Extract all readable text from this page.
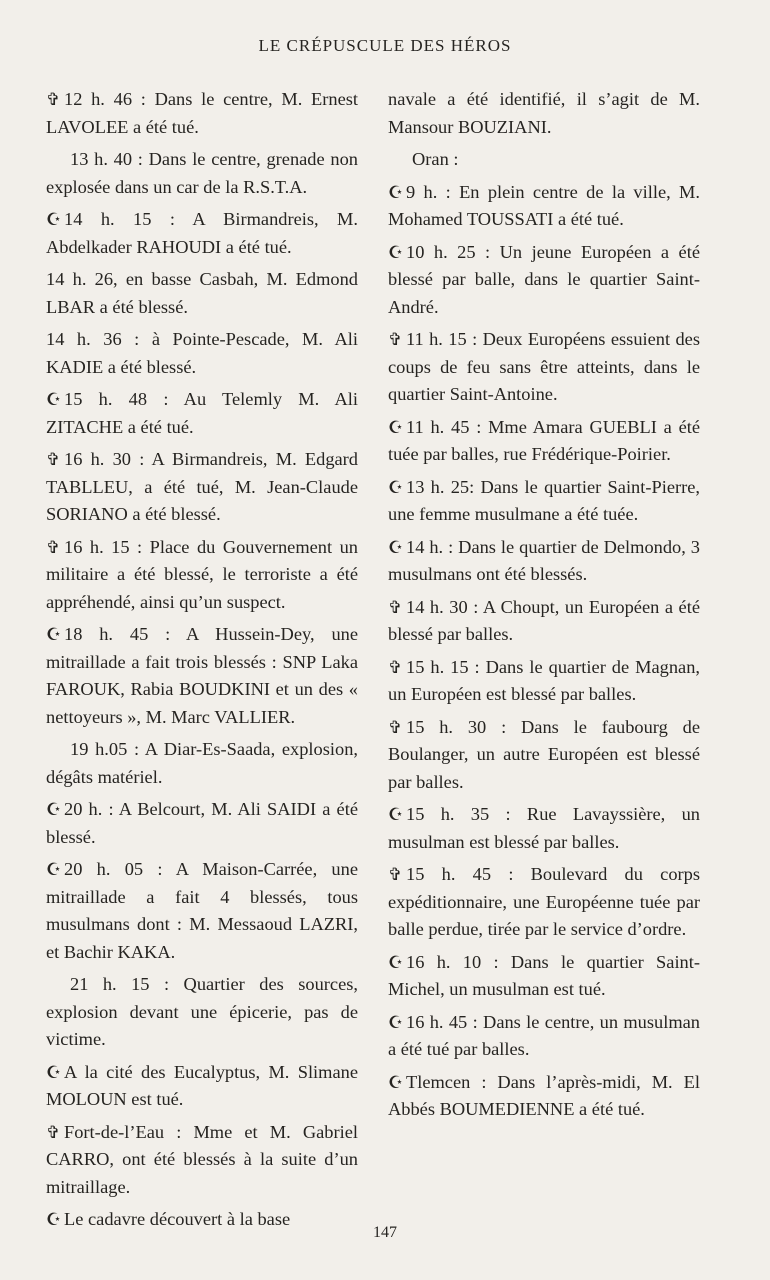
LE CRÉPUSCULE DES HÉROS

✞ 12 h. 46 : Dans le centre, M. Ernest LAVOLEE a été tué.

13 h. 40 : Dans le centre, grenade non explosée dans un car de la R.S.T.A.

☪ 14 h. 15 : A Birmandreis, M. Abdelkader RAHOUDI a été tué.

14 h. 26, en basse Casbah, M. Edmond LBAR a été blessé.

14 h. 36 : à Pointe-Pescade, M. Ali KADIE a été blessé.

☪ 15 h. 48 : Au Telemly M. Ali ZITACHE a été tué.

✞ 16 h. 30 : A Birmandreis, M. Edgard TABLLEU, a été tué, M. Jean-Claude SORIANO a été blessé.

✞ 16 h. 15 : Place du Gouvernement un militaire a été blessé, le terroriste a été appréhendé, ainsi qu’un suspect.

☪ 18 h. 45 : A Hussein-Dey, une mitraillade a fait trois blessés : SNP Laka FAROUK, Rabia BOUDKINI et un des « nettoyeurs », M. Marc VALLIER.

19 h.05 : A Diar-Es-Saada, explosion, dégâts matériel.

☪ 20 h. : A Belcourt, M. Ali SAIDI a été blessé.

☪ 20 h. 05 : A Maison-Carrée, une mitraillade a fait 4 blessés, tous musulmans dont : M. Messaoud LAZRI, et Bachir KAKA.

21 h. 15 : Quartier des sources, explosion devant une épicerie, pas de victime.

☪ A la cité des Eucalyptus, M. Slimane MOLOUN est tué.

✞ Fort-de-l’Eau : Mme et M. Gabriel CARRO, ont été blessés à la suite d’un mitraillage.

☪ Le cadavre découvert à la base

navale a été identifié, il s’agit de M. Mansour BOUZIANI.

Oran :

☪ 9 h. : En plein centre de la ville, M. Mohamed TOUSSATI a été tué.

☪ 10 h. 25 : Un jeune Européen a été blessé par balle, dans le quartier Saint-André.

✞ 11 h. 15 : Deux Européens essuient des coups de feu sans être atteints, dans le quartier Saint-Antoine.

☪ 11 h. 45 : Mme Amara GUEBLI a été tuée par balles, rue Frédérique-Poirier.

☪ 13 h. 25: Dans le quartier Saint-Pierre, une femme musulmane a été tuée.

☪ 14 h. : Dans le quartier de Delmondo, 3 musulmans ont été blessés.

✞ 14 h. 30 : A Choupt, un Européen a été blessé par balles.

✞ 15 h. 15 : Dans le quartier de Magnan, un Européen est blessé par balles.

✞ 15 h. 30 : Dans le faubourg de Boulanger, un autre Européen est blessé par balles.

☪ 15 h. 35 : Rue Lavayssière, un musulman est blessé par balles.

✞ 15 h. 45 : Boulevard du corps expéditionnaire, une Européenne tuée par balle perdue, tirée par le service d’ordre.

☪ 16 h. 10 : Dans le quartier Saint-Michel, un musulman est tué.

☪ 16 h. 45 : Dans le centre, un musulman a été tué par balles.

☪ Tlemcen : Dans l’après-midi, M. El Abbés BOUMEDIENNE a été tué.

147
